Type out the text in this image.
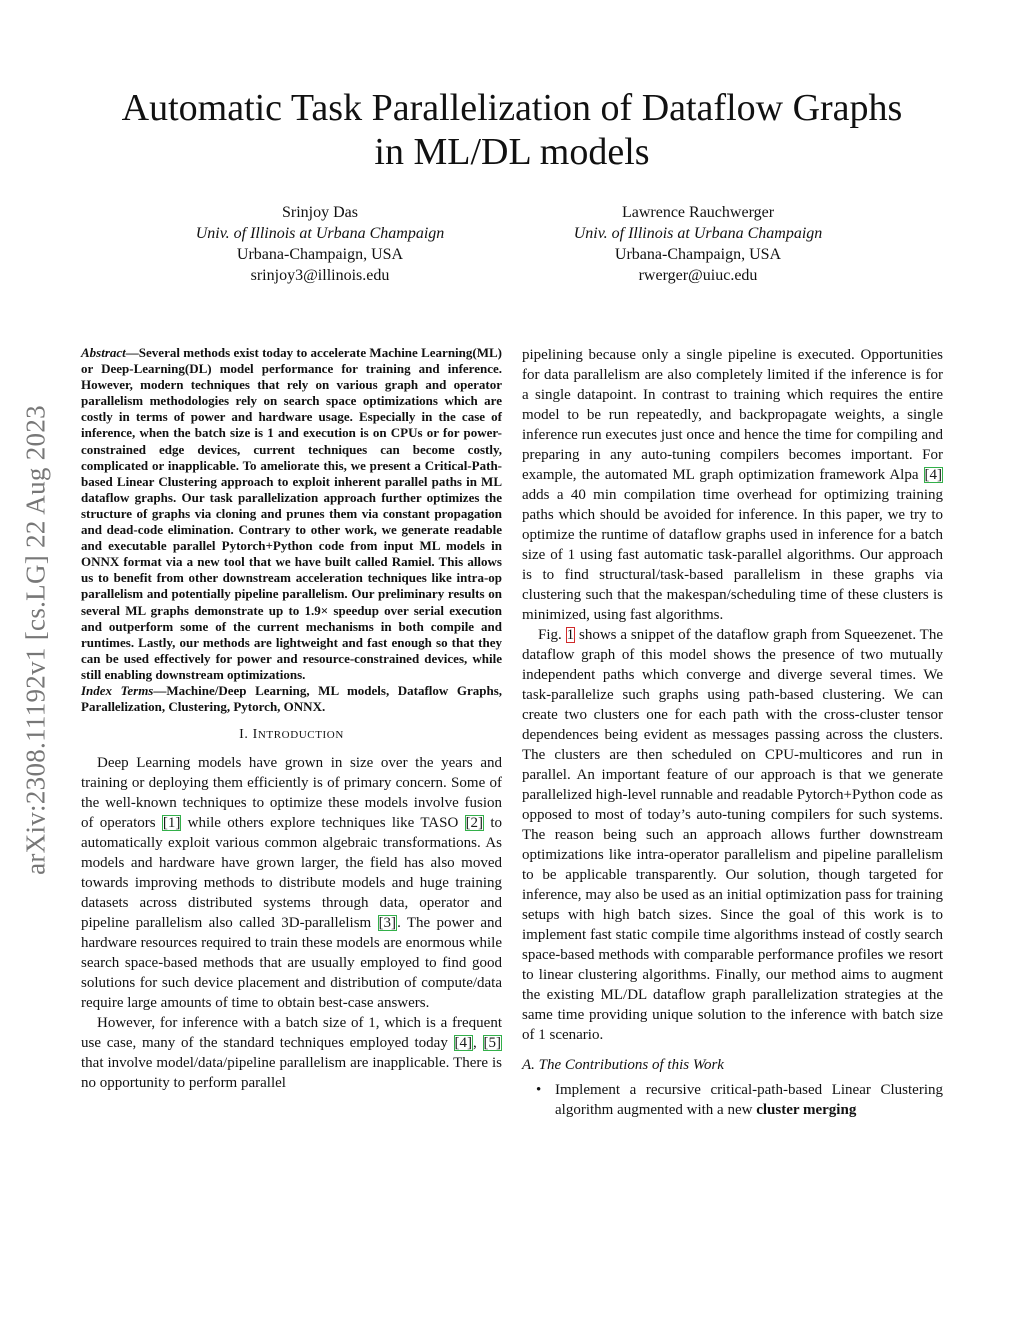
Automatic Task Parallelization of Dataflow Graphs
in ML/DL models
Srinjoy Das
Univ. of Illinois at Urbana Champaign
Urbana-Champaign, USA
srinjoy3@illinois.edu
Lawrence Rauchwerger
Univ. of Illinois at Urbana Champaign
Urbana-Champaign, USA
rwerger@uiuc.edu
arXiv:2308.11192v1 [cs.LG] 22 Aug 2023

Abstract—Several methods exist today to accelerate Machine Learning(ML) or Deep-Learning(DL) model performance for training and inference. However, modern techniques that rely on various graph and operator parallelism methodologies rely on search space optimizations which are costly in terms of power and hardware usage. Especially in the case of inference, when the batch size is 1 and execution is on CPUs or for power-constrained edge devices, current techniques can become costly, complicated or inapplicable. To ameliorate this, we present a Critical-Path-based Linear Clustering approach to exploit inherent parallel paths in ML dataflow graphs. Our task parallelization approach further optimizes the structure of graphs via cloning and prunes them via constant propagation and dead-code elimination. Contrary to other work, we generate readable and executable parallel Pytorch+Python code from input ML models in ONNX format via a new tool that we have built called Ramiel. This allows us to benefit from other downstream acceleration techniques like intra-op parallelism and potentially pipeline parallelism. Our preliminary results on several ML graphs demonstrate up to 1.9× speedup over serial execution and outperform some of the current mechanisms in both compile and runtimes. Lastly, our methods are lightweight and fast enough so that they can be used effectively for power and resource-constrained devices, while still enabling downstream optimizations.

Index Terms—Machine/Deep Learning, ML models, Dataflow Graphs, Parallelization, Clustering, Pytorch, ONNX.

I. INTRODUCTION

Deep Learning models have grown in size over the years and training or deploying them efficiently is of primary concern. Some of the well-known techniques to optimize these models involve fusion of operators [1] while others explore techniques like TASO [2] to automatically exploit various common algebraic transformations. As models and hardware have grown larger, the field has also moved towards improving methods to distribute models and huge training datasets across distributed systems through data, operator and pipeline parallelism also called 3D-parallelism [3]. The power and hardware resources required to train these models are enormous while search space-based methods that are usually employed to find good solutions for such device placement and distribution of compute/data require large amounts of time to obtain best-case answers.

However, for inference with a batch size of 1, which is a frequent use case, many of the standard techniques employed today [4], [5] that involve model/data/pipeline parallelism are inapplicable. There is no opportunity to perform parallel

pipelining because only a single pipeline is executed. Opportunities for data parallelism are also completely limited if the inference is for a single datapoint. In contrast to training which requires the entire model to be run repeatedly, and backpropagate weights, a single inference run executes just once and hence the time for compiling and preparing in any auto-tuning compilers becomes important. For example, the automated ML graph optimization framework Alpa [4] adds a 40 min compilation time overhead for optimizing training paths which should be avoided for inference. In this paper, we try to optimize the runtime of dataflow graphs used in inference for a batch size of 1 using fast automatic task-parallel algorithms. Our approach is to find structural/task-based parallelism in these graphs via clustering such that the makespan/scheduling time of these clusters is minimized, using fast algorithms.

Fig. 1 shows a snippet of the dataflow graph from Squeezenet. The dataflow graph of this model shows the presence of two mutually independent paths which converge and diverge several times. We task-parallelize such graphs using path-based clustering. We can create two clusters one for each path with the cross-cluster tensor dependences being evident as messages passing across the clusters. The clusters are then scheduled on CPU-multicores and run in parallel. An important feature of our approach is that we generate parallelized high-level runnable and readable Pytorch+Python code as opposed to most of today’s auto-tuning compilers for such systems. The reason being such an approach allows further downstream optimizations like intra-operator parallelism and pipeline parallelism to be applicable transparently. Our solution, though targeted for inference, may also be used as an initial optimization pass for training setups with high batch sizes. Since the goal of this work is to implement fast static compile time algorithms instead of costly search space-based methods with comparable performance profiles we resort to linear clustering algorithms. Finally, our method aims to augment the existing ML/DL dataflow graph parallelization strategies at the same time providing unique solution to the inference with batch size of 1 scenario.

A. The Contributions of this Work
• Implement a recursive critical-path-based Linear Clustering algorithm augmented with a new cluster merging
